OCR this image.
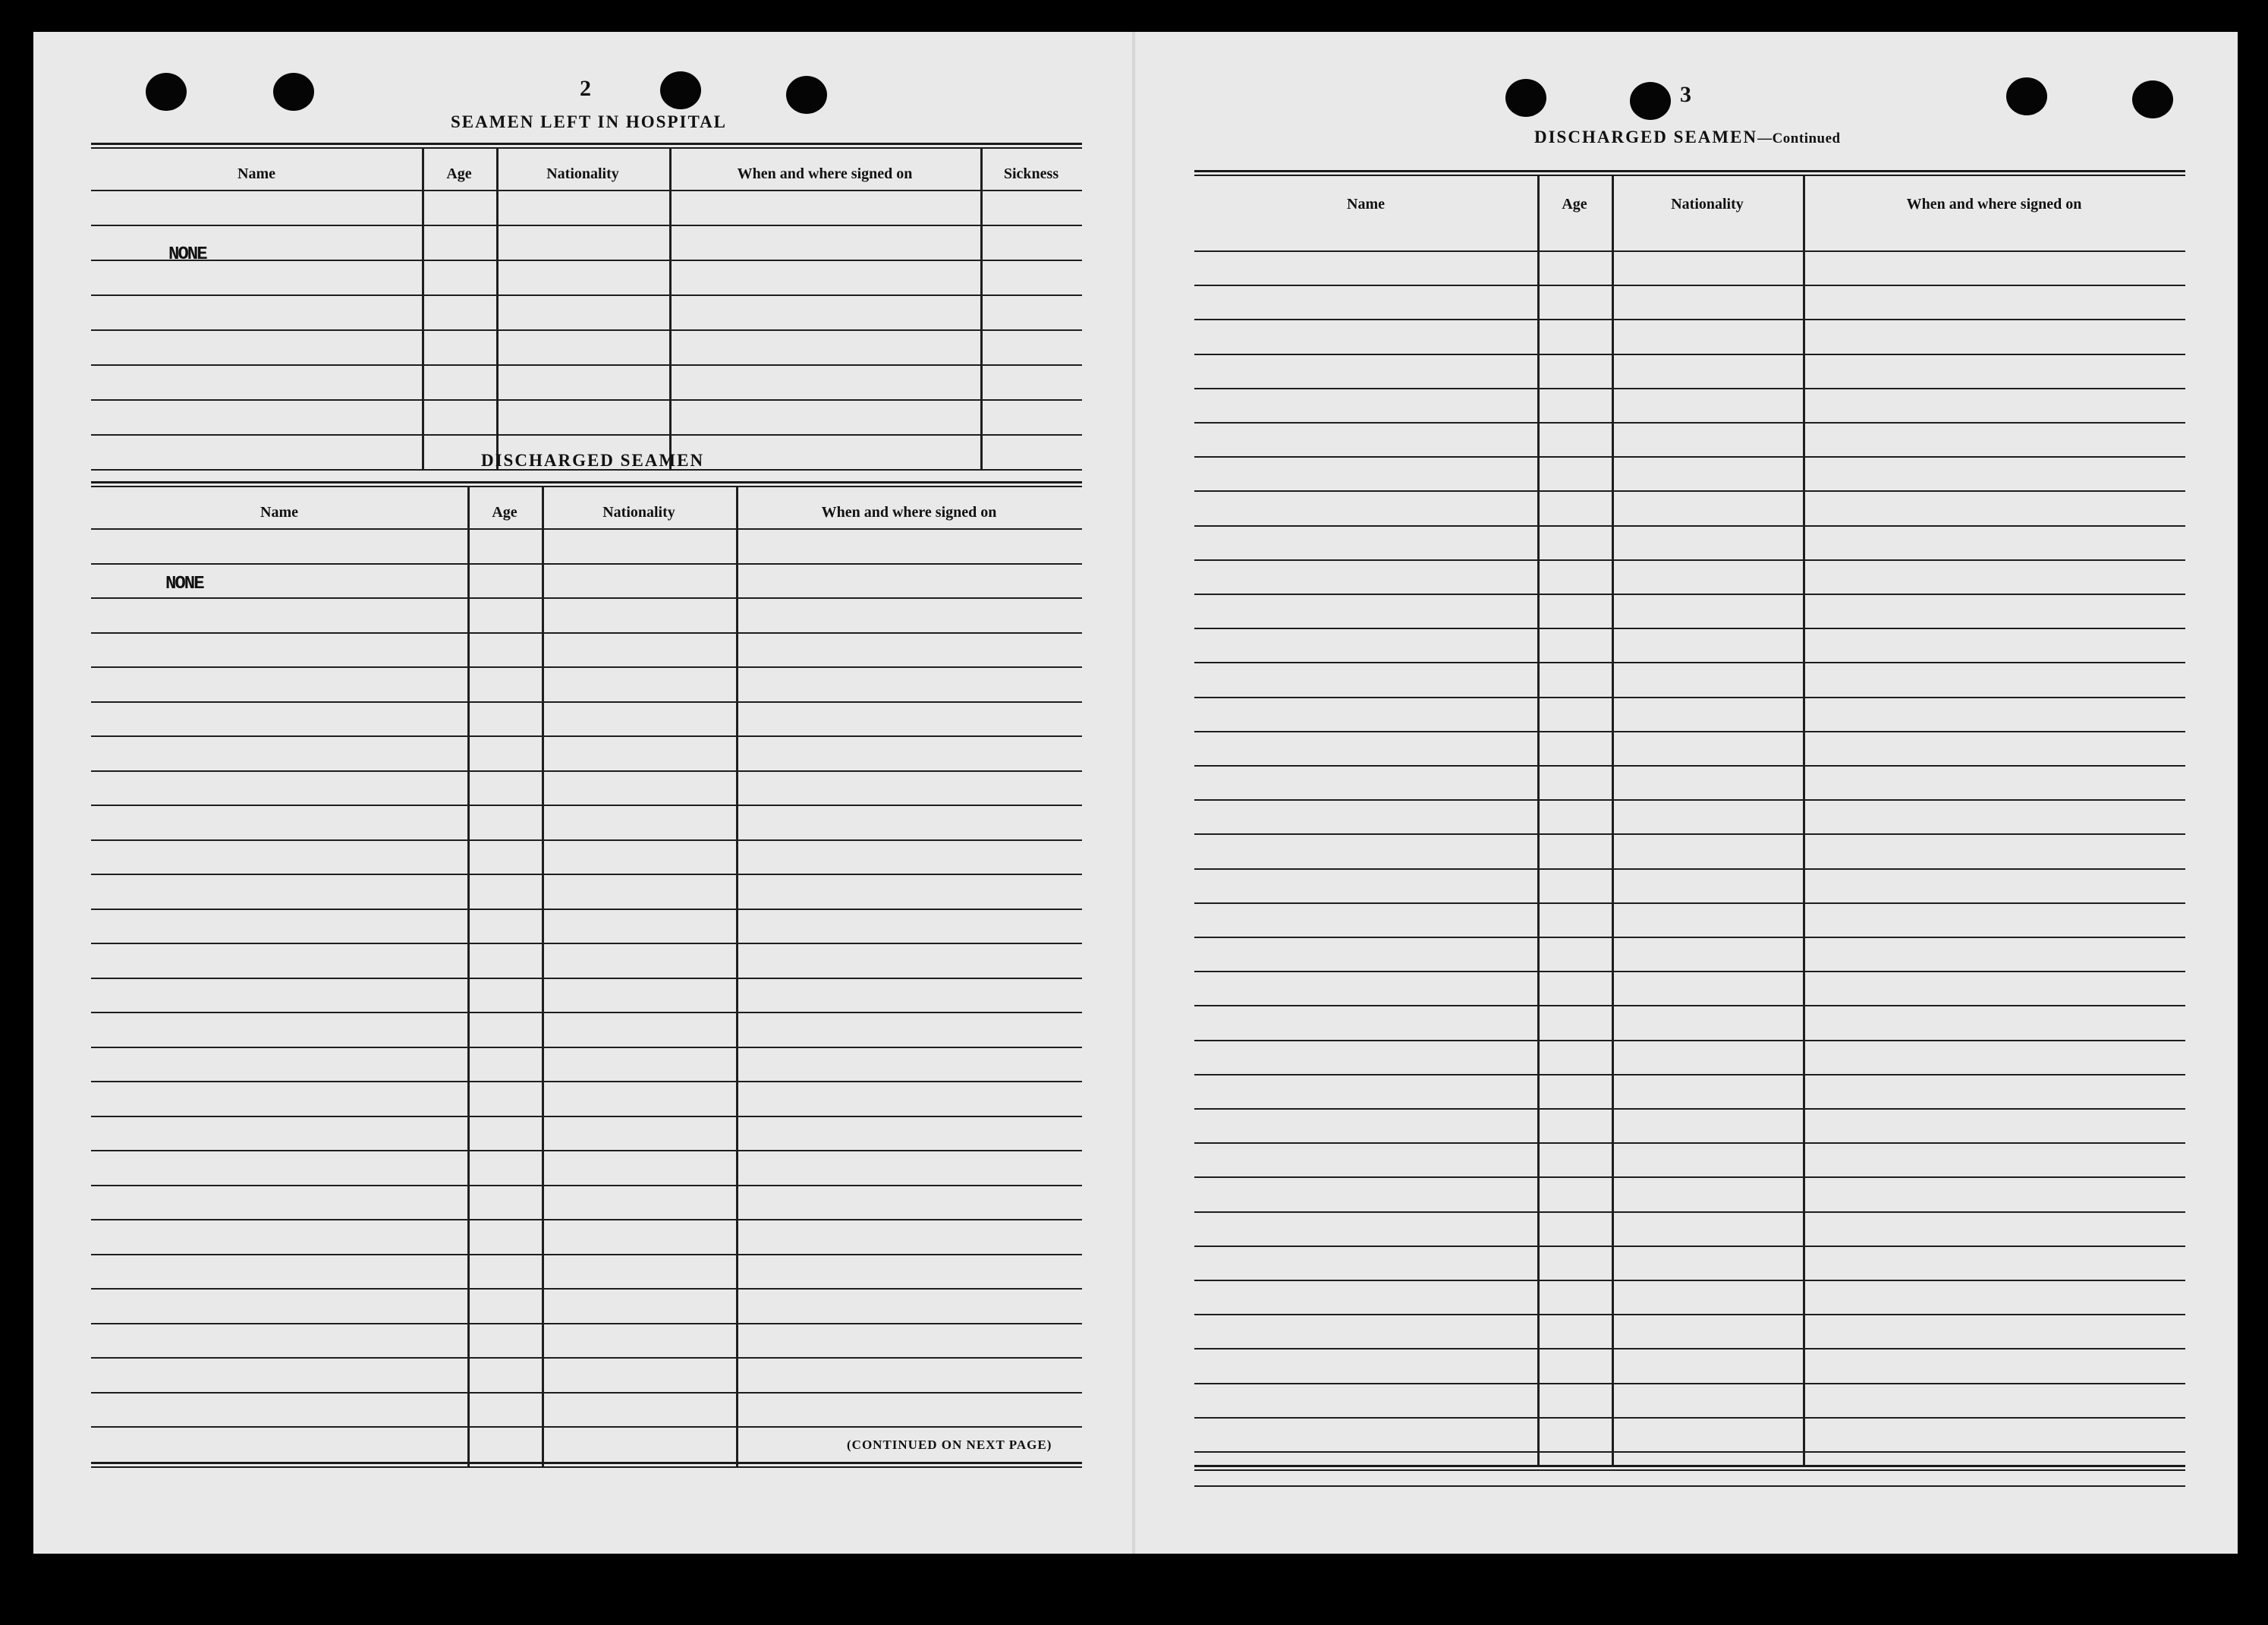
2
SEAMEN LEFT IN HOSPITAL
Name	Age	Nationality	When and where signed on	Sickness
NONE
DISCHARGED SEAMEN
Name	Age	Nationality	When and where signed on
NONE
(CONTINUED ON NEXT PAGE)
3
DISCHARGED SEAMEN—Continued
Name	Age	Nationality	When and where signed on
